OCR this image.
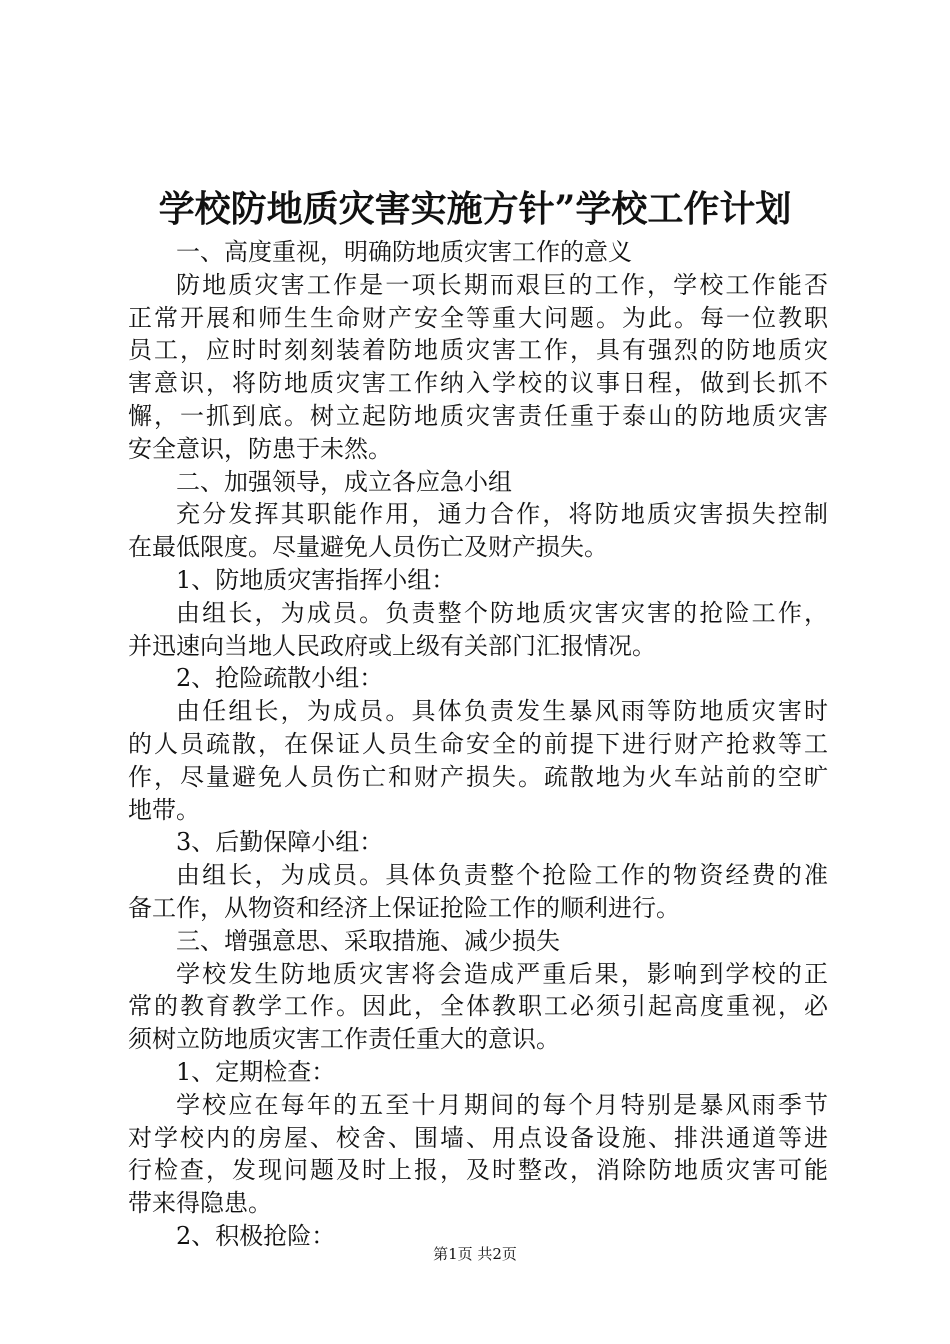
学校防地质灾害实施方针”学校工作计划
一、高度重视，明确防地质灾害工作的意义
防地质灾害工作是一项长期而艰巨的工作，学校工作能否
正常开展和师生生命财产安全等重大问题。为此。每一位教职
员工，应时时刻刻装着防地质灾害工作，具有强烈的防地质灾
害意识，将防地质灾害工作纳入学校的议事日程，做到长抓不
懈，一抓到底。树立起防地质灾害责任重于泰山的防地质灾害
安全意识，防患于未然。
二、加强领导，成立各应急小组
充分发挥其职能作用，通力合作，将防地质灾害损失控制
在最低限度。尽量避免人员伤亡及财产损失。
1、防地质灾害指挥小组：
由组长，为成员。负责整个防地质灾害灾害的抢险工作，
并迅速向当地人民政府或上级有关部门汇报情况。
2、抢险疏散小组：
由任组长，为成员。具体负责发生暴风雨等防地质灾害时
的人员疏散，在保证人员生命安全的前提下进行财产抢救等工
作，尽量避免人员伤亡和财产损失。疏散地为火车站前的空旷
地带。
3、后勤保障小组：
由组长，为成员。具体负责整个抢险工作的物资经费的准
备工作，从物资和经济上保证抢险工作的顺利进行。
三、增强意思、采取措施、减少损失
学校发生防地质灾害将会造成严重后果，影响到学校的正
常的教育教学工作。因此，全体教职工必须引起高度重视，必
须树立防地质灾害工作责任重大的意识。
1、定期检查：
学校应在每年的五至十月期间的每个月特别是暴风雨季节
对学校内的房屋、校舍、围墙、用点设备设施、排洪通道等进
行检查，发现问题及时上报，及时整改，消除防地质灾害可能
带来得隐患。
2、积极抢险：
第1页 共2页
